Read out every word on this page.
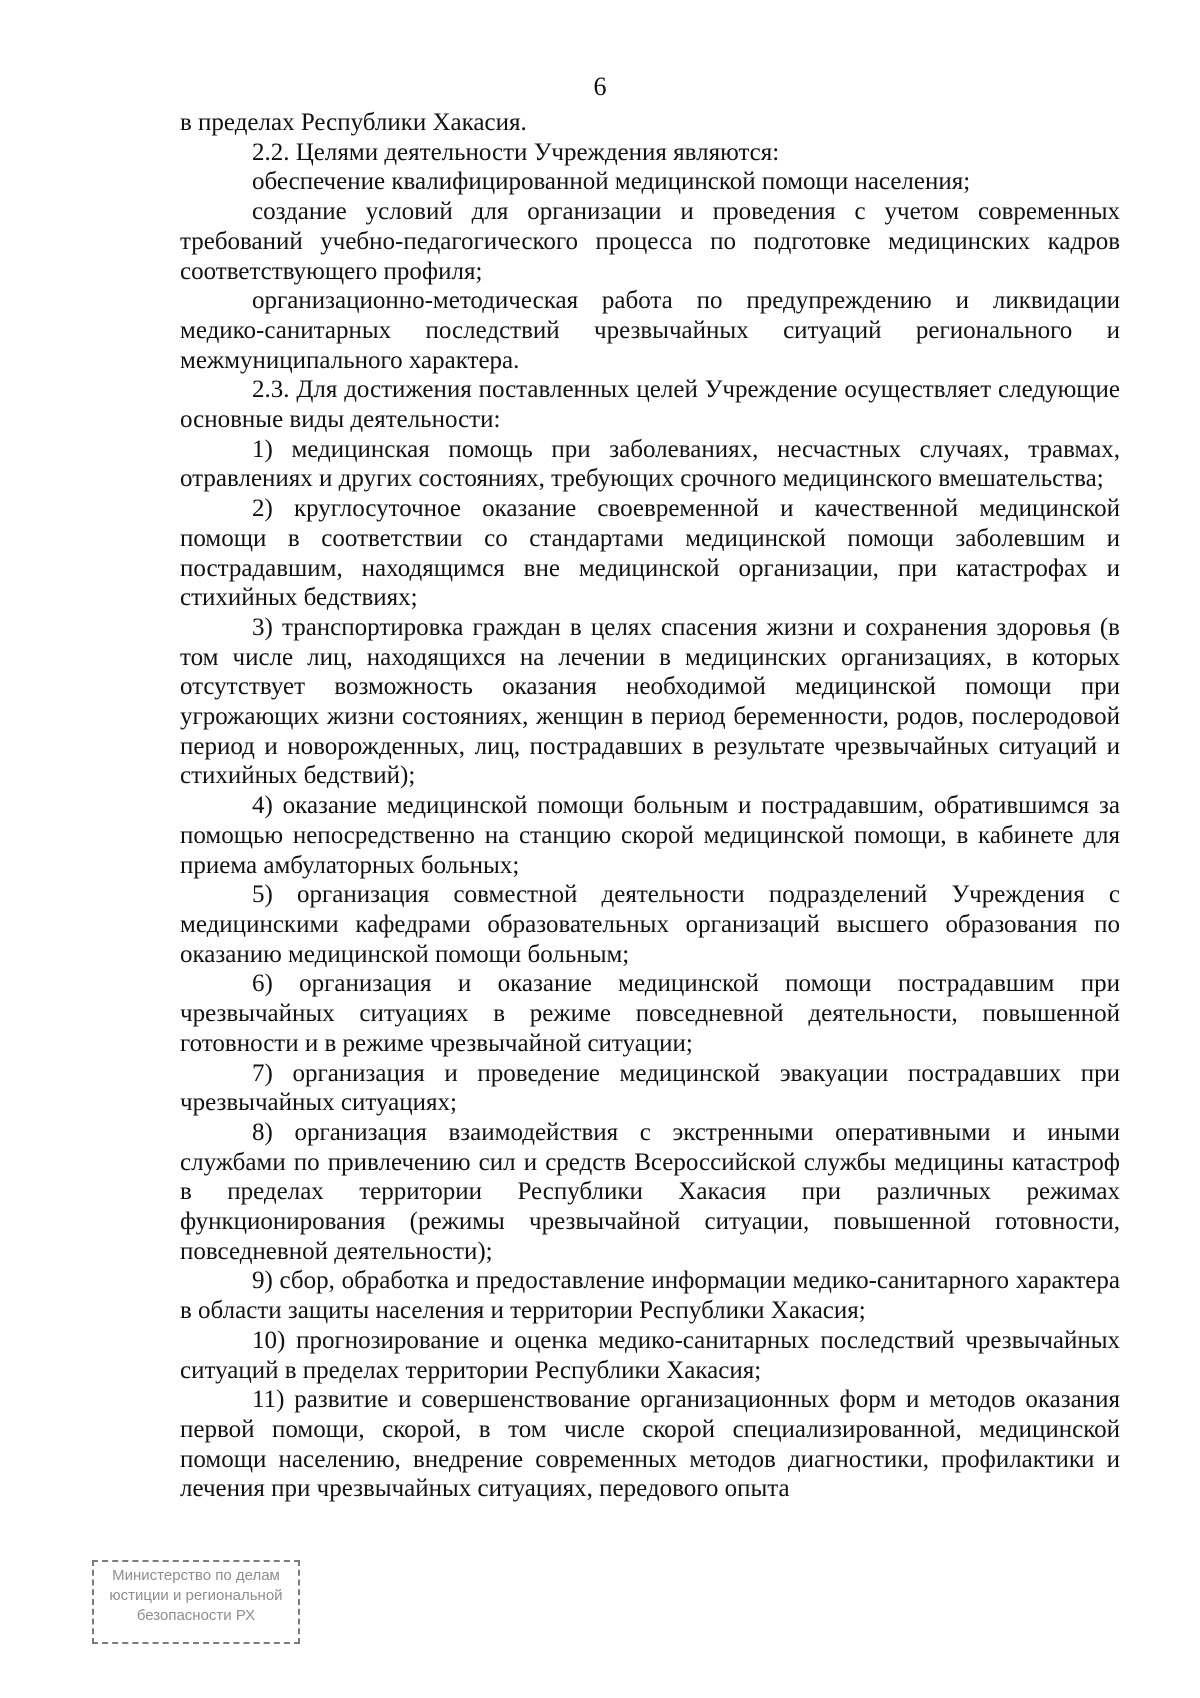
6

в пределах Республики Хакасия.

2.2. Целями деятельности Учреждения являются:

обеспечение квалифицированной медицинской помощи населения;

создание условий для организации и проведения с учетом современных требований учебно-педагогического процесса по подготовке медицинских кадров соответствующего профиля;

организационно-методическая работа по предупреждению и ликвидации медико-санитарных последствий чрезвычайных ситуаций регионального и межмуниципального характера.

2.3. Для достижения поставленных целей Учреждение осуществляет следующие основные виды деятельности:

1) медицинская помощь при заболеваниях, несчастных случаях, травмах, отравлениях и других состояниях, требующих срочного медицинского вмешательства;

2) круглосуточное оказание своевременной и качественной медицинской помощи в соответствии со стандартами медицинской помощи заболевшим и пострадавшим, находящимся вне медицинской организации, при катастрофах и стихийных бедствиях;

3) транспортировка граждан в целях спасения жизни и сохранения здоровья (в том числе лиц, находящихся на лечении в медицинских организациях, в которых отсутствует возможность оказания необходимой медицинской помощи при угрожающих жизни состояниях, женщин в период беременности, родов, послеродовой период и новорожденных, лиц, пострадавших в результате чрезвычайных ситуаций и стихийных бедствий);

4) оказание медицинской помощи больным и пострадавшим, обратившимся за помощью непосредственно на станцию скорой медицинской помощи, в кабинете для приема амбулаторных больных;

5) организация совместной деятельности подразделений Учреждения с медицинскими кафедрами образовательных организаций высшего образования по оказанию медицинской помощи больным;

6) организация и оказание медицинской помощи пострадавшим при чрезвычайных ситуациях в режиме повседневной деятельности, повышенной готовности и в режиме чрезвычайной ситуации;

7) организация и проведение медицинской эвакуации пострадавших при чрезвычайных ситуациях;

8) организация взаимодействия с экстренными оперативными и иными службами по привлечению сил и средств Всероссийской службы медицины катастроф в пределах территории Республики Хакасия при различных режимах функционирования (режимы чрезвычайной ситуации, повышенной готовности, повседневной деятельности);

9) сбор, обработка и предоставление информации медико-санитарного характера в области защиты населения и территории Республики Хакасия;

10) прогнозирование и оценка медико-санитарных последствий чрезвычайных ситуаций в пределах территории Республики Хакасия;

11) развитие и совершенствование организационных форм и методов оказания первой помощи, скорой, в том числе скорой специализированной, медицинской помощи населению, внедрение современных методов диагностики, профилактики и лечения при чрезвычайных ситуациях, передового опыта

Министерство по делам
юстиции и региональной
безопасности РХ
